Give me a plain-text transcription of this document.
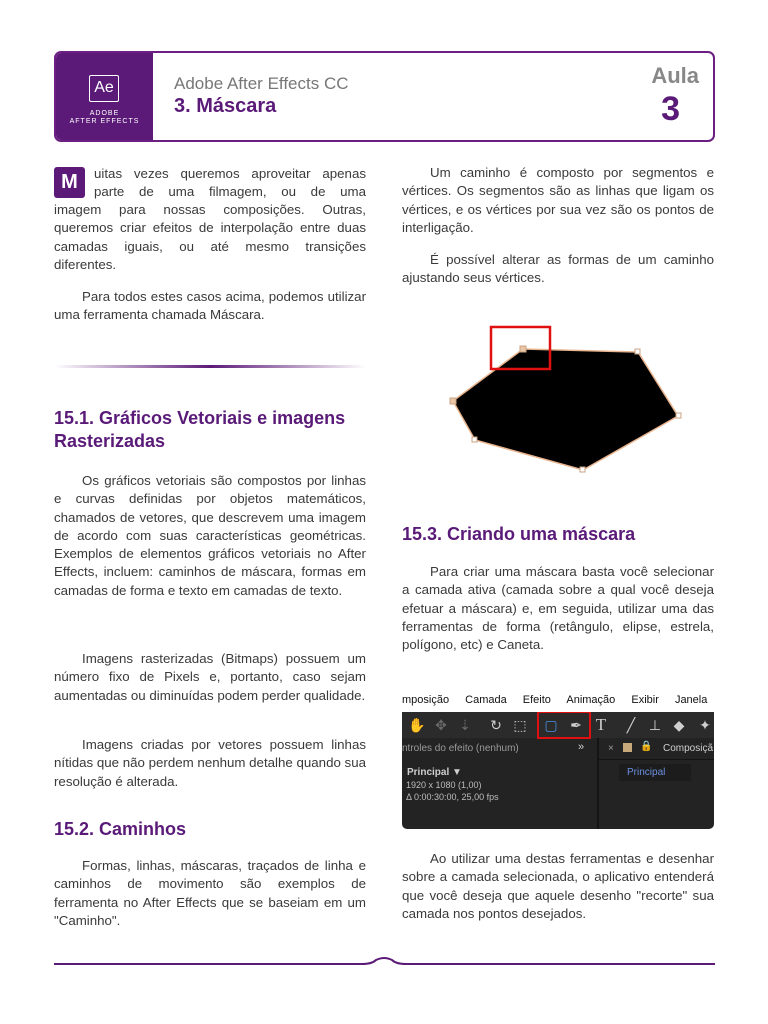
Ae
ADOBE
AFTER EFFECTS
Adobe After Effects CC
3. Máscara
Aula
3
M	uitas vezes queremos aproveitar apenas
parte de uma filmagem, ou de uma
imagem para nossas composições. Outras, queremos criar efeitos de interpolação entre duas camadas iguais, ou até mesmo transições diferentes.
Para todos estes casos acima, podemos utilizar uma ferramenta chamada Máscara.
15.1. Gráficos Vetoriais e imagens Rasterizadas
Os gráficos vetoriais são compostos por linhas e curvas definidas por objetos matemáticos, chamados de vetores, que descrevem uma imagem de acordo com suas características geométricas. Exemplos de elementos gráficos vetoriais no After Effects, incluem: caminhos de máscara, formas em camadas de forma e texto em camadas de texto.
Imagens rasterizadas (Bitmaps) possuem um número fixo de Pixels e, portanto, caso sejam aumentadas ou diminuídas podem perder qualidade.
Imagens criadas por vetores possuem linhas nítidas que não perdem nenhum detalhe quando sua resolução é alterada.
15.2. Caminhos
Formas, linhas, máscaras, traçados de linha e caminhos de movimento são exemplos de ferramenta no After Effects que se baseiam em um "Caminho".
Um caminho é composto por segmentos e vértices. Os segmentos são as linhas que ligam os vértices, e os vértices por sua vez são os pontos de interligação.
É possível alterar as formas de um caminho ajustando seus vértices.
15.3. Criando uma máscara
Para criar uma máscara basta você selecionar a camada ativa (camada sobre a qual você deseja efetuar a máscara) e, em seguida, utilizar uma das ferramentas de forma (retângulo, elipse, estrela, polígono, etc) e Caneta.
mposição Camada Efeito Animação Exibir Janela
✋ ✥ ⇣ ↻ ⬚ ▢ ✒ T	╱ ⊥ ◆ ✦
ntroles do efeito (nenhum)	» ×	🔒 Composiçã
Principal
Principal ▼
1920 x 1080 (1,00)
Δ 0:00:30:00, 25,00 fps
Ao utilizar uma destas ferramentas e desenhar sobre a camada selecionada, o aplicativo entenderá que você deseja que aquele desenho "recorte" sua camada nos pontos desejados.
